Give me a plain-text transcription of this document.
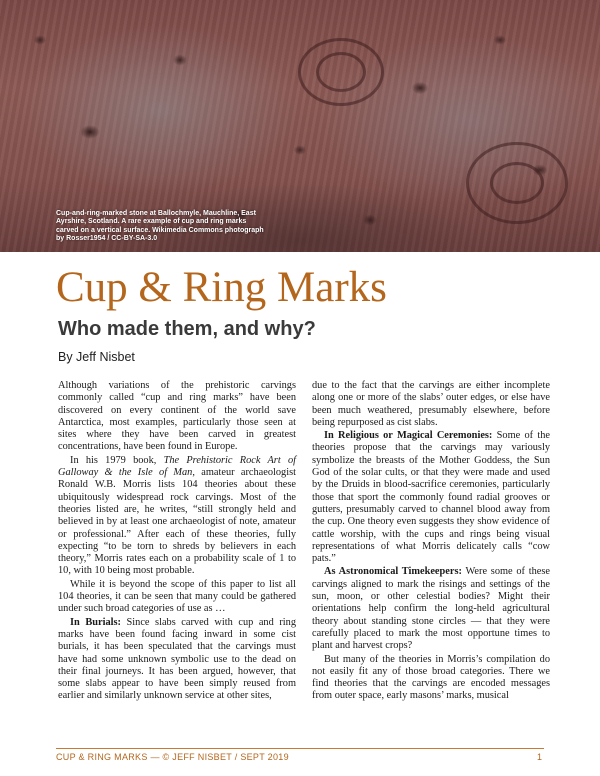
Cup-and-ring-marked stone at Ballochmyle, Mauchline, East Ayrshire, Scotland. A rare example of cup and ring marks carved on a vertical surface. Wikimedia Commons photograph by Rosser1954 / CC-BY-SA-3.0
Cup & Ring Marks
Who made them, and why?
By Jeff Nisbet

Although variations of the prehistoric carvings commonly called “cup and ring marks” have been discovered on every continent of the world save Antarctica, most examples, particularly those seen at sites where they have been carved in greatest concentrations, have been found in Europe.

In his 1979 book, The Prehistoric Rock Art of Galloway & the Isle of Man, amateur archaeologist Ronald W.B. Morris lists 104 theories about these ubiquitously widespread rock carvings. Most of the theories listed are, he writes, “still strongly held and believed in by at least one archaeologist of note, amateur or professional.” After each of these theories, fully expecting “to be torn to shreds by believers in each theory,” Morris rates each on a probability scale of 1 to 10, with 10 being most probable.

While it is beyond the scope of this paper to list all 104 theories, it can be seen that many could be gathered under such broad categories of use as …

In Burials: Since slabs carved with cup and ring marks have been found facing inward in some cist burials, it has been speculated that the carvings must have had some unknown symbolic use to the dead on their final journeys. It has been argued, however, that some slabs appear to have been simply reused from earlier and similarly unknown service at other sites,

due to the fact that the carvings are either incomplete along one or more of the slabs’ outer edges, or else have been much weathered, presumably elsewhere, before being repurposed as cist slabs.

In Religious or Magical Ceremonies: Some of the theories propose that the carvings may variously symbolize the breasts of the Mother Goddess, the Sun God of the solar cults, or that they were made and used by the Druids in blood-sacrifice ceremonies, particularly those that sport the commonly found radial grooves or gutters, presumably carved to channel blood away from the cup. One theory even suggests they show evidence of cattle worship, with the cups and rings being visual representations of what Morris delicately calls “cow pats.”

As Astronomical Timekeepers: Were some of these carvings aligned to mark the risings and settings of the sun, moon, or other celestial bodies? Might their orientations help confirm the long-held agricultural theory about standing stone circles — that they were carefully placed to mark the most opportune times to plant and harvest crops?

But many of the theories in Morris’s compilation do not easily fit any of those broad categories. There we find theories that the carvings are encoded messages from outer space, early masons’ marks, musical

CUP & RING MARKS — © JEFF NISBET / SEPT 2019	1
